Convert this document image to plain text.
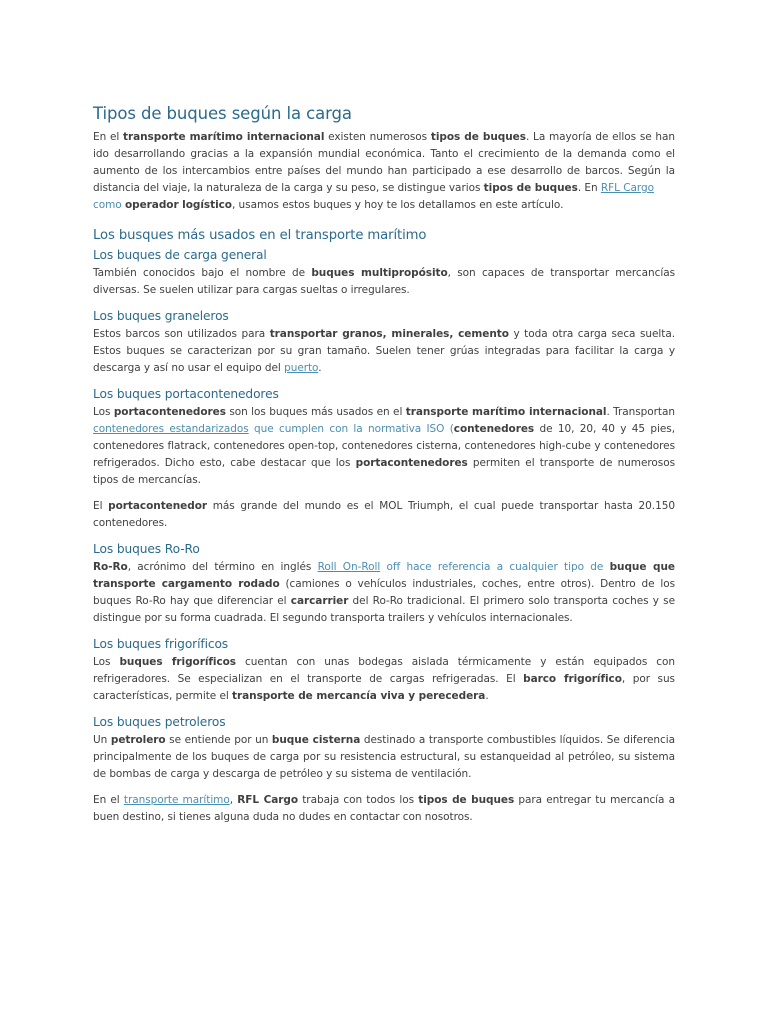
Tipos de buques según la carga

En el transporte marítimo internacional existen numerosos tipos de buques. La mayoría de ellos se han ido desarrollando gracias a la expansión mundial económica. Tanto el crecimiento de la demanda como el aumento de los intercambios entre países del mundo han participado a ese desarrollo de barcos. Según la distancia del viaje, la naturaleza de la carga y su peso, se distingue varios tipos de buques. En RFL Cargo
como operador logístico, usamos estos buques y hoy te los detallamos en este artículo.

Los busques más usados en el transporte marítimo
Los buques de carga general

También conocidos bajo el nombre de buques multipropósito, son capaces de transportar mercancías diversas. Se suelen utilizar para cargas sueltas o irregulares.

Los buques graneleros

Estos barcos son utilizados para transportar granos, minerales, cemento y toda otra carga seca suelta. Estos buques se caracterizan por su gran tamaño. Suelen tener grúas integradas para facilitar la carga y descarga y así no usar el equipo del puerto.

Los buques portacontenedores

Los portacontenedores son los buques más usados en el transporte marítimo internacional. Transportan contenedores estandarizados que cumplen con la normativa ISO (contenedores de 10, 20, 40 y 45 pies, contenedores flatrack, contenedores open-top, contenedores cisterna, contenedores high-cube y contenedores refrigerados. Dicho esto, cabe destacar que los portacontenedores permiten el transporte de numerosos tipos de mercancías.

El portacontenedor más grande del mundo es el MOL Triumph, el cual puede transportar hasta 20.150 contenedores.

Los buques Ro-Ro

Ro-Ro, acrónimo del término en inglés Roll On-Roll off hace referencia a cualquier tipo de buque que transporte cargamento rodado (camiones o vehículos industriales, coches, entre otros). Dentro de los buques Ro-Ro hay que diferenciar el carcarrier del Ro-Ro tradicional. El primero solo transporta coches y se distingue por su forma cuadrada. El segundo transporta trailers y vehículos internacionales.

Los buques frigoríficos

Los buques frigoríficos cuentan con unas bodegas aislada térmicamente y están equipados con refrigeradores. Se especializan en el transporte de cargas refrigeradas. El barco frigorífico, por sus características, permite el transporte de mercancía viva y perecedera.

Los buques petroleros

Un petrolero se entiende por un buque cisterna destinado a transporte combustibles líquidos. Se diferencia principalmente de los buques de carga por su resistencia estructural, su estanqueidad al petróleo, su sistema de bombas de carga y descarga de petróleo y su sistema de ventilación.

En el transporte marítimo, RFL Cargo trabaja con todos los tipos de buques para entregar tu mercancía a buen destino, si tienes alguna duda no dudes en contactar con nosotros.
